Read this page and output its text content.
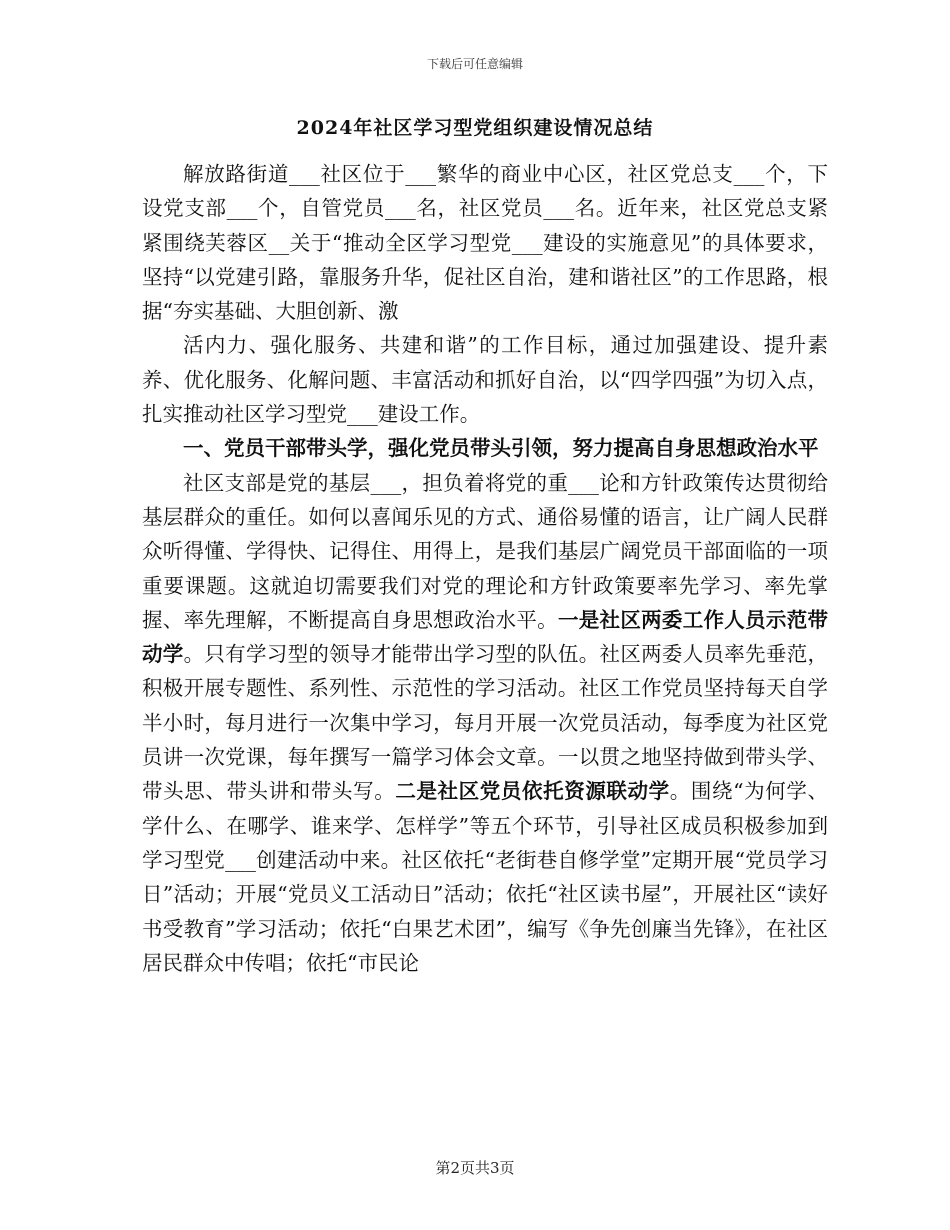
下载后可任意编辑
2024年社区学习型党组织建设情况总结

解放路街道___社区位于___繁华的商业中心区，社区党总支___个，下设党支部___个，自管党员___名，社区党员___名。近年来，社区党总支紧紧围绕芙蓉区__关于“推动全区学习型党___建设的实施意见”的具体要求，坚持“以党建引路，靠服务升华，促社区自治，建和谐社区”的工作思路，根据“夯实基础、大胆创新、激

活内力、强化服务、共建和谐”的工作目标，通过加强建设、提升素养、优化服务、化解问题、丰富活动和抓好自治，以“四学四强”为切入点，扎实推动社区学习型党___建设工作。

一、党员干部带头学，强化党员带头引领，努力提高自身思想政治水平

社区支部是党的基层___，担负着将党的重___论和方针政策传达贯彻给基层群众的重任。如何以喜闻乐见的方式、通俗易懂的语言，让广阔人民群众听得懂、学得快、记得住、用得上，是我们基层广阔党员干部面临的一项重要课题。这就迫切需要我们对党的理论和方针政策要率先学习、率先掌握、率先理解，不断提高自身思想政治水平。一是社区两委工作人员示范带动学。只有学习型的领导才能带出学习型的队伍。社区两委人员率先垂范，积极开展专题性、系列性、示范性的学习活动。社区工作党员坚持每天自学半小时，每月进行一次集中学习，每月开展一次党员活动，每季度为社区党员讲一次党课，每年撰写一篇学习体会文章。一以贯之地坚持做到带头学、带头思、带头讲和带头写。二是社区党员依托资源联动学。围绕“为何学、学什么、在哪学、谁来学、怎样学”等五个环节，引导社区成员积极参加到学习型党___创建活动中来。社区依托“老街巷自修学堂”定期开展“党员学习日”活动；开展“党员义工活动日”活动；依托“社区读书屋”，开展社区“读好书受教育”学习活动；依托“白果艺术团”，编写《争先创廉当先锋》，在社区居民群众中传唱；依托“市民论

第2页共3页
